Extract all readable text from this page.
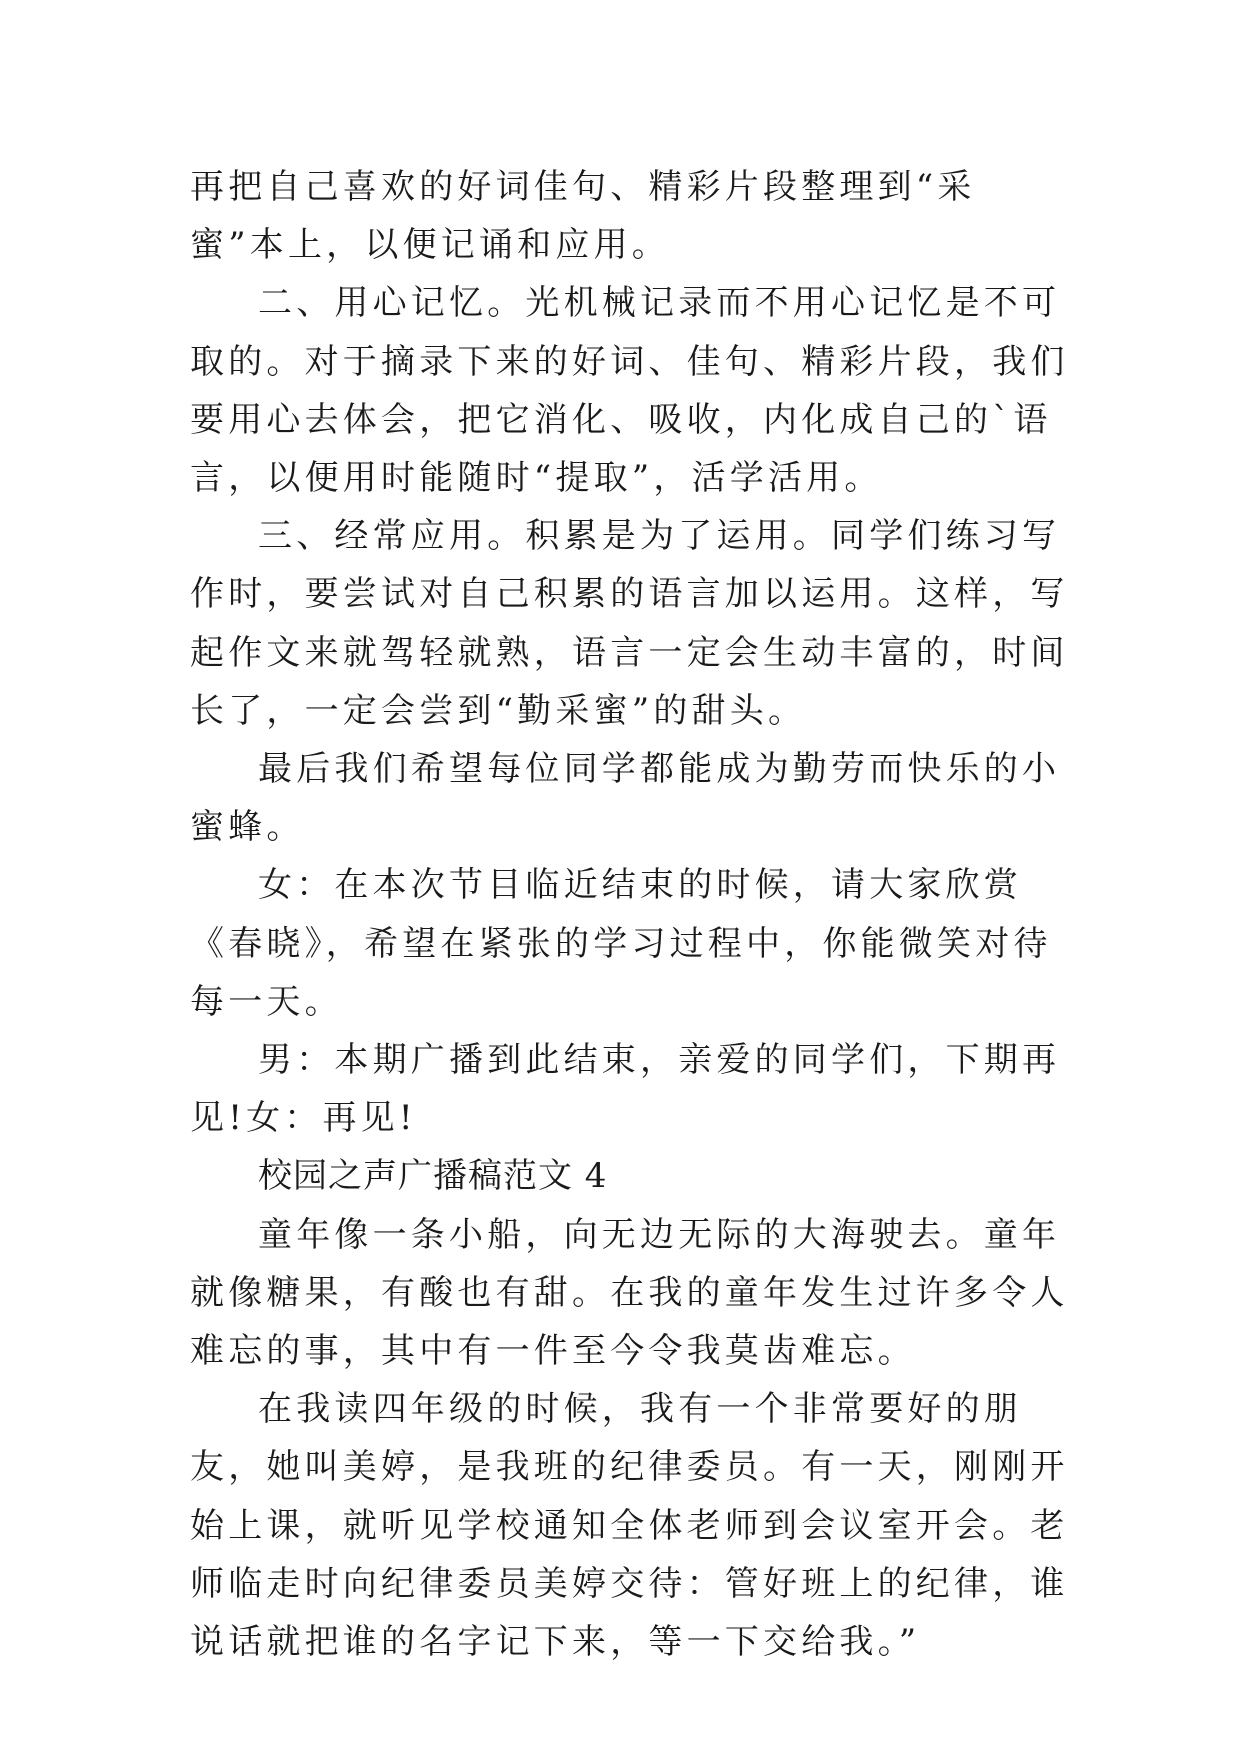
再把自己喜欢的好词佳句、精彩片段整理到“采蜜”本上，以便记诵和应用。

二、用心记忆。光机械记录而不用心记忆是不可取的。对于摘录下来的好词、佳句、精彩片段，我们要用心去体会，把它消化、吸收，内化成自己的`语言，以便用时能随时“提取”，活学活用。

三、经常应用。积累是为了运用。同学们练习写作时，要尝试对自己积累的语言加以运用。这样，写起作文来就驾轻就熟，语言一定会生动丰富的，时间长了，一定会尝到“勤采蜜”的甜头。

最后我们希望每位同学都能成为勤劳而快乐的小蜜蜂。

女：在本次节目临近结束的时候，请大家欣赏《春晓》，希望在紧张的学习过程中，你能微笑对待每一天。

男：本期广播到此结束，亲爱的同学们，下期再见!女：再见!

校园之声广播稿范文 4

童年像一条小船，向无边无际的大海驶去。童年就像糖果，有酸也有甜。在我的童年发生过许多令人难忘的事，其中有一件至今令我莫齿难忘。

在我读四年级的时候，我有一个非常要好的朋友，她叫美婷，是我班的纪律委员。有一天，刚刚开始上课，就听见学校通知全体老师到会议室开会。老师临走时向纪律委员美婷交待：管好班上的纪律，谁说话就把谁的名字记下来，等一下交给我。”
